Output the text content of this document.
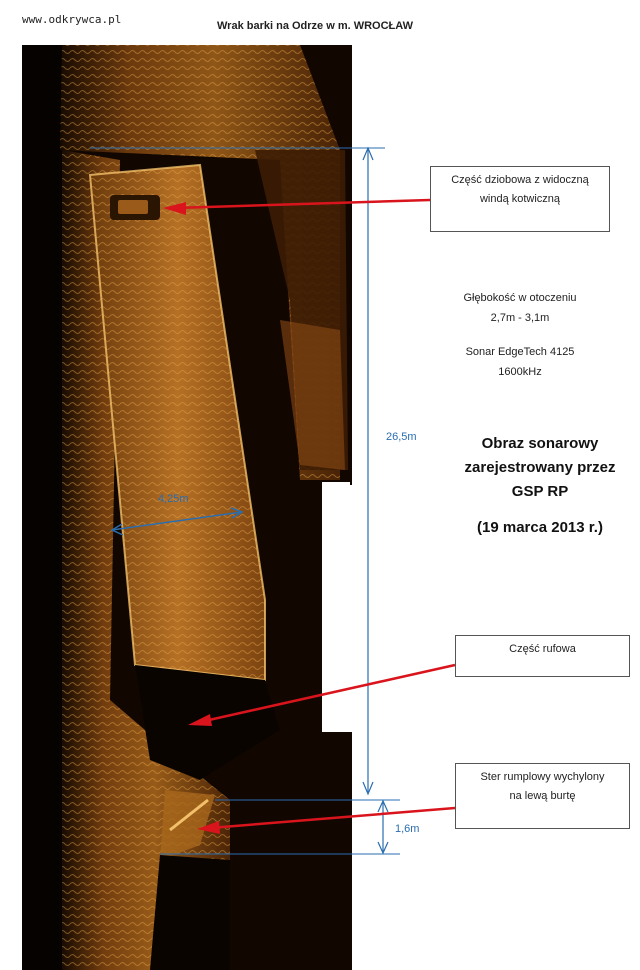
www.odkrywca.pl	Wrak barki na Odrze w m. WROCŁAW
26,5m
4,25m
1,6m
Część dziobowa z widoczną
windą kotwiczną
Głębokość w otoczeniu
2,7m - 3,1m
Sonar EdgeTech 4125
1600kHz
Obraz sonarowy
zarejestrowany przez
GSP RP
(19 marca 2013 r.)
Część rufowa
Ster rumplowy wychylony
na lewą burtę
